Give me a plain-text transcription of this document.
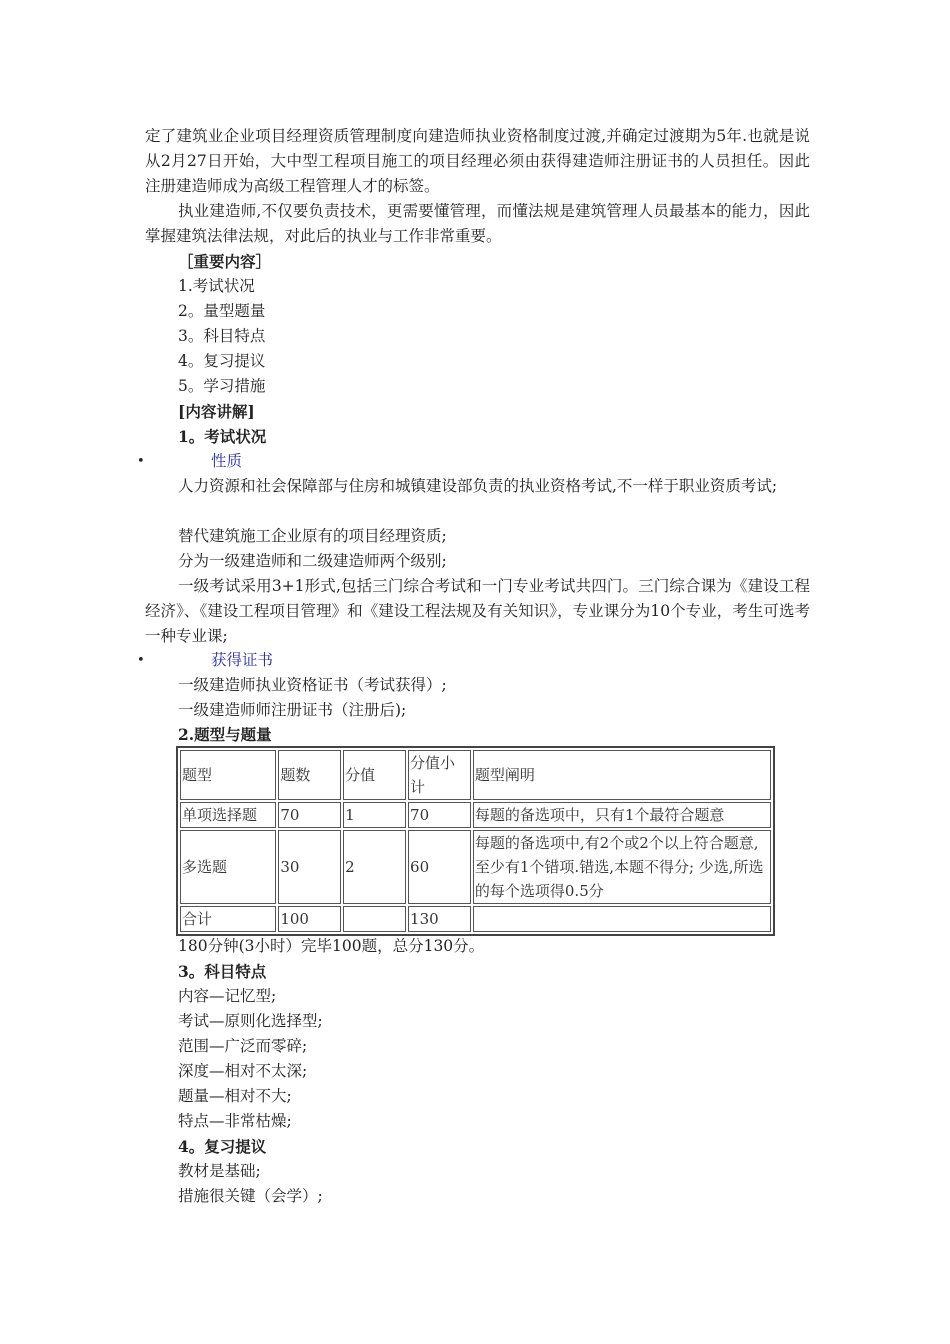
定了建筑业企业项目经理资质管理制度向建造师执业资格制度过渡,并确定过渡期为5年.也就是说从2月27日开始，大中型工程项目施工的项目经理必须由获得建造师注册证书的人员担任。因此注册建造师成为高级工程管理人才的标签。
执业建造师,不仅要负责技术，更需要懂管理，而懂法规是建筑管理人员最基本的能力，因此掌握建筑法律法规，对此后的执业与工作非常重要。
［重要内容］
1.考试状况
2。量型题量
3。科目特点
4。复习提议
5。学习措施
[内容讲解]
1。考试状况
•	性质
人力资源和社会保障部与住房和城镇建设部负责的执业资格考试,不一样于职业资质考试;
替代建筑施工企业原有的项目经理资质;
分为一级建造师和二级建造师两个级别;
一级考试采用3+1形式,包括三门综合考试和一门专业考试共四门。三门综合课为《建设工程经济》、《建设工程项目管理》和《建设工程法规及有关知识》，专业课分为10个专业，考生可选考一种专业课;
•	获得证书
一级建造师执业资格证书（考试获得）;
一级建造师师注册证书（注册后);
2.题型与题量
题型	题数	分值	分值小计	题型阐明
单项选择题	70	1	70	每题的备选项中，只有1个最符合题意
多选题	30	2	60	每题的备选项中,有2个或2个以上符合题意,至少有1个错项.错选,本题不得分; 少选,所选的每个选项得0.5分
合计	100		130	
180分钟(3小时）完毕100题，总分130分。
3。科目特点
内容—记忆型;
考试—原则化选择型;
范围—广泛而零碎;
深度—相对不太深;
题量—相对不大;
特点—非常枯燥;
4。复习提议
教材是基础;
措施很关键（会学）;
